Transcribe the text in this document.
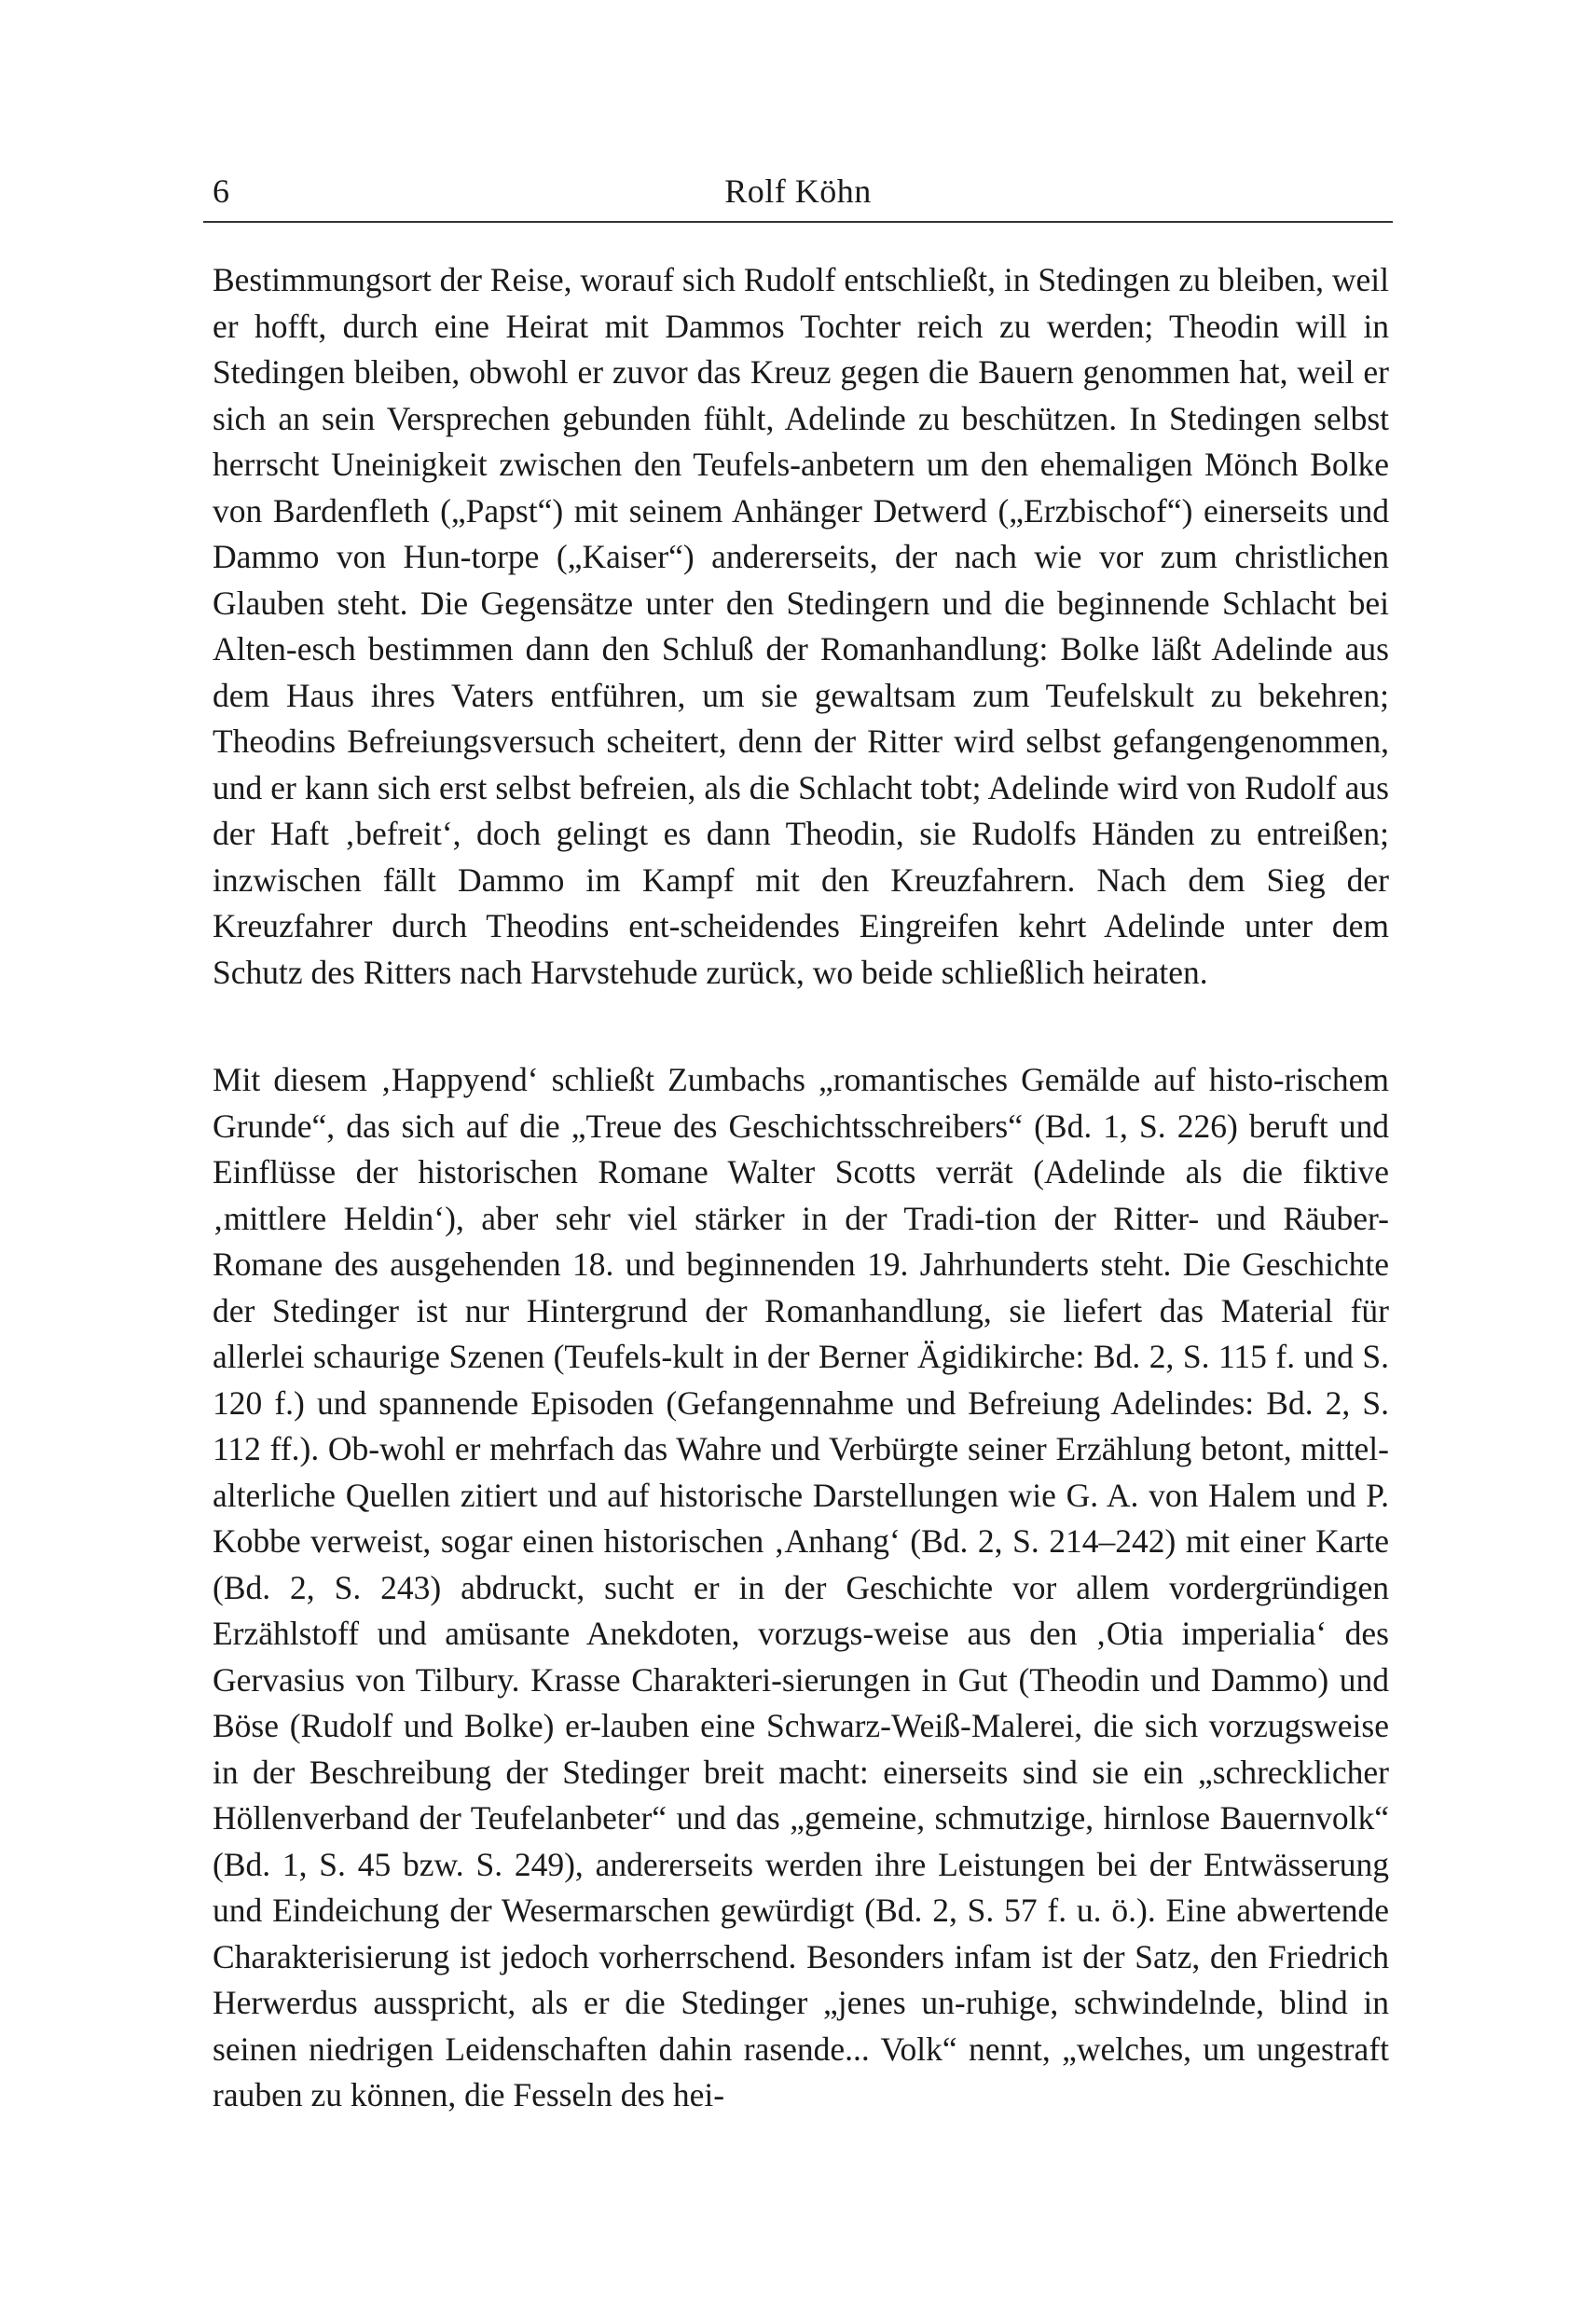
6	Rolf Köhn

Bestimmungsort der Reise, worauf sich Rudolf entschließt, in Stedingen zu bleiben, weil er hofft, durch eine Heirat mit Dammos Tochter reich zu werden; Theodin will in Stedingen bleiben, obwohl er zuvor das Kreuz gegen die Bauern genommen hat, weil er sich an sein Versprechen gebunden fühlt, Adelinde zu beschützen. In Stedingen selbst herrscht Uneinigkeit zwischen den Teufels-anbetern um den ehemaligen Mönch Bolke von Bardenfleth („Papst“) mit seinem Anhänger Detwerd („Erzbischof“) einerseits und Dammo von Hun-torpe („Kaiser“) andererseits, der nach wie vor zum christlichen Glauben steht. Die Gegensätze unter den Stedingern und die beginnende Schlacht bei Alten-esch bestimmen dann den Schluß der Romanhandlung: Bolke läßt Adelinde aus dem Haus ihres Vaters entführen, um sie gewaltsam zum Teufelskult zu bekehren; Theodins Befreiungsversuch scheitert, denn der Ritter wird selbst gefangengenommen, und er kann sich erst selbst befreien, als die Schlacht tobt; Adelinde wird von Rudolf aus der Haft ‚befreit‘, doch gelingt es dann Theodin, sie Rudolfs Händen zu entreißen; inzwischen fällt Dammo im Kampf mit den Kreuzfahrern. Nach dem Sieg der Kreuzfahrer durch Theodins ent-scheidendes Eingreifen kehrt Adelinde unter dem Schutz des Ritters nach Harvstehude zurück, wo beide schließlich heiraten.

Mit diesem ‚Happyend‘ schließt Zumbachs „romantisches Gemälde auf histo-rischem Grunde“, das sich auf die „Treue des Geschichtsschreibers“ (Bd. 1, S. 226) beruft und Einflüsse der historischen Romane Walter Scotts verrät (Adelinde als die fiktive ‚mittlere Heldin‘), aber sehr viel stärker in der Tradi-tion der Ritter- und Räuber-Romane des ausgehenden 18. und beginnenden 19. Jahrhunderts steht. Die Geschichte der Stedinger ist nur Hintergrund der Romanhandlung, sie liefert das Material für allerlei schaurige Szenen (Teufels-kult in der Berner Ägidikirche: Bd. 2, S. 115 f. und S. 120 f.) und spannende Episoden (Gefangennahme und Befreiung Adelindes: Bd. 2, S. 112 ff.). Ob-wohl er mehrfach das Wahre und Verbürgte seiner Erzählung betont, mittel-alterliche Quellen zitiert und auf historische Darstellungen wie G. A. von Halem und P. Kobbe verweist, sogar einen historischen ‚Anhang‘ (Bd. 2, S. 214–242) mit einer Karte (Bd. 2, S. 243) abdruckt, sucht er in der Geschichte vor allem vordergründigen Erzählstoff und amüsante Anekdoten, vorzugs-weise aus den ‚Otia imperialia‘ des Gervasius von Tilbury. Krasse Charakteri-sierungen in Gut (Theodin und Dammo) und Böse (Rudolf und Bolke) er-lauben eine Schwarz-Weiß-Malerei, die sich vorzugsweise in der Beschreibung der Stedinger breit macht: einerseits sind sie ein „schrecklicher Höllenverband der Teufelanbeter“ und das „gemeine, schmutzige, hirnlose Bauernvolk“ (Bd. 1, S. 45 bzw. S. 249), andererseits werden ihre Leistungen bei der Entwässerung und Eindeichung der Wesermarschen gewürdigt (Bd. 2, S. 57 f. u. ö.). Eine abwertende Charakterisierung ist jedoch vorherrschend. Besonders infam ist der Satz, den Friedrich Herwerdus ausspricht, als er die Stedinger „jenes un-ruhige, schwindelnde, blind in seinen niedrigen Leidenschaften dahin rasende... Volk“ nennt, „welches, um ungestraft rauben zu können, die Fesseln des hei-
